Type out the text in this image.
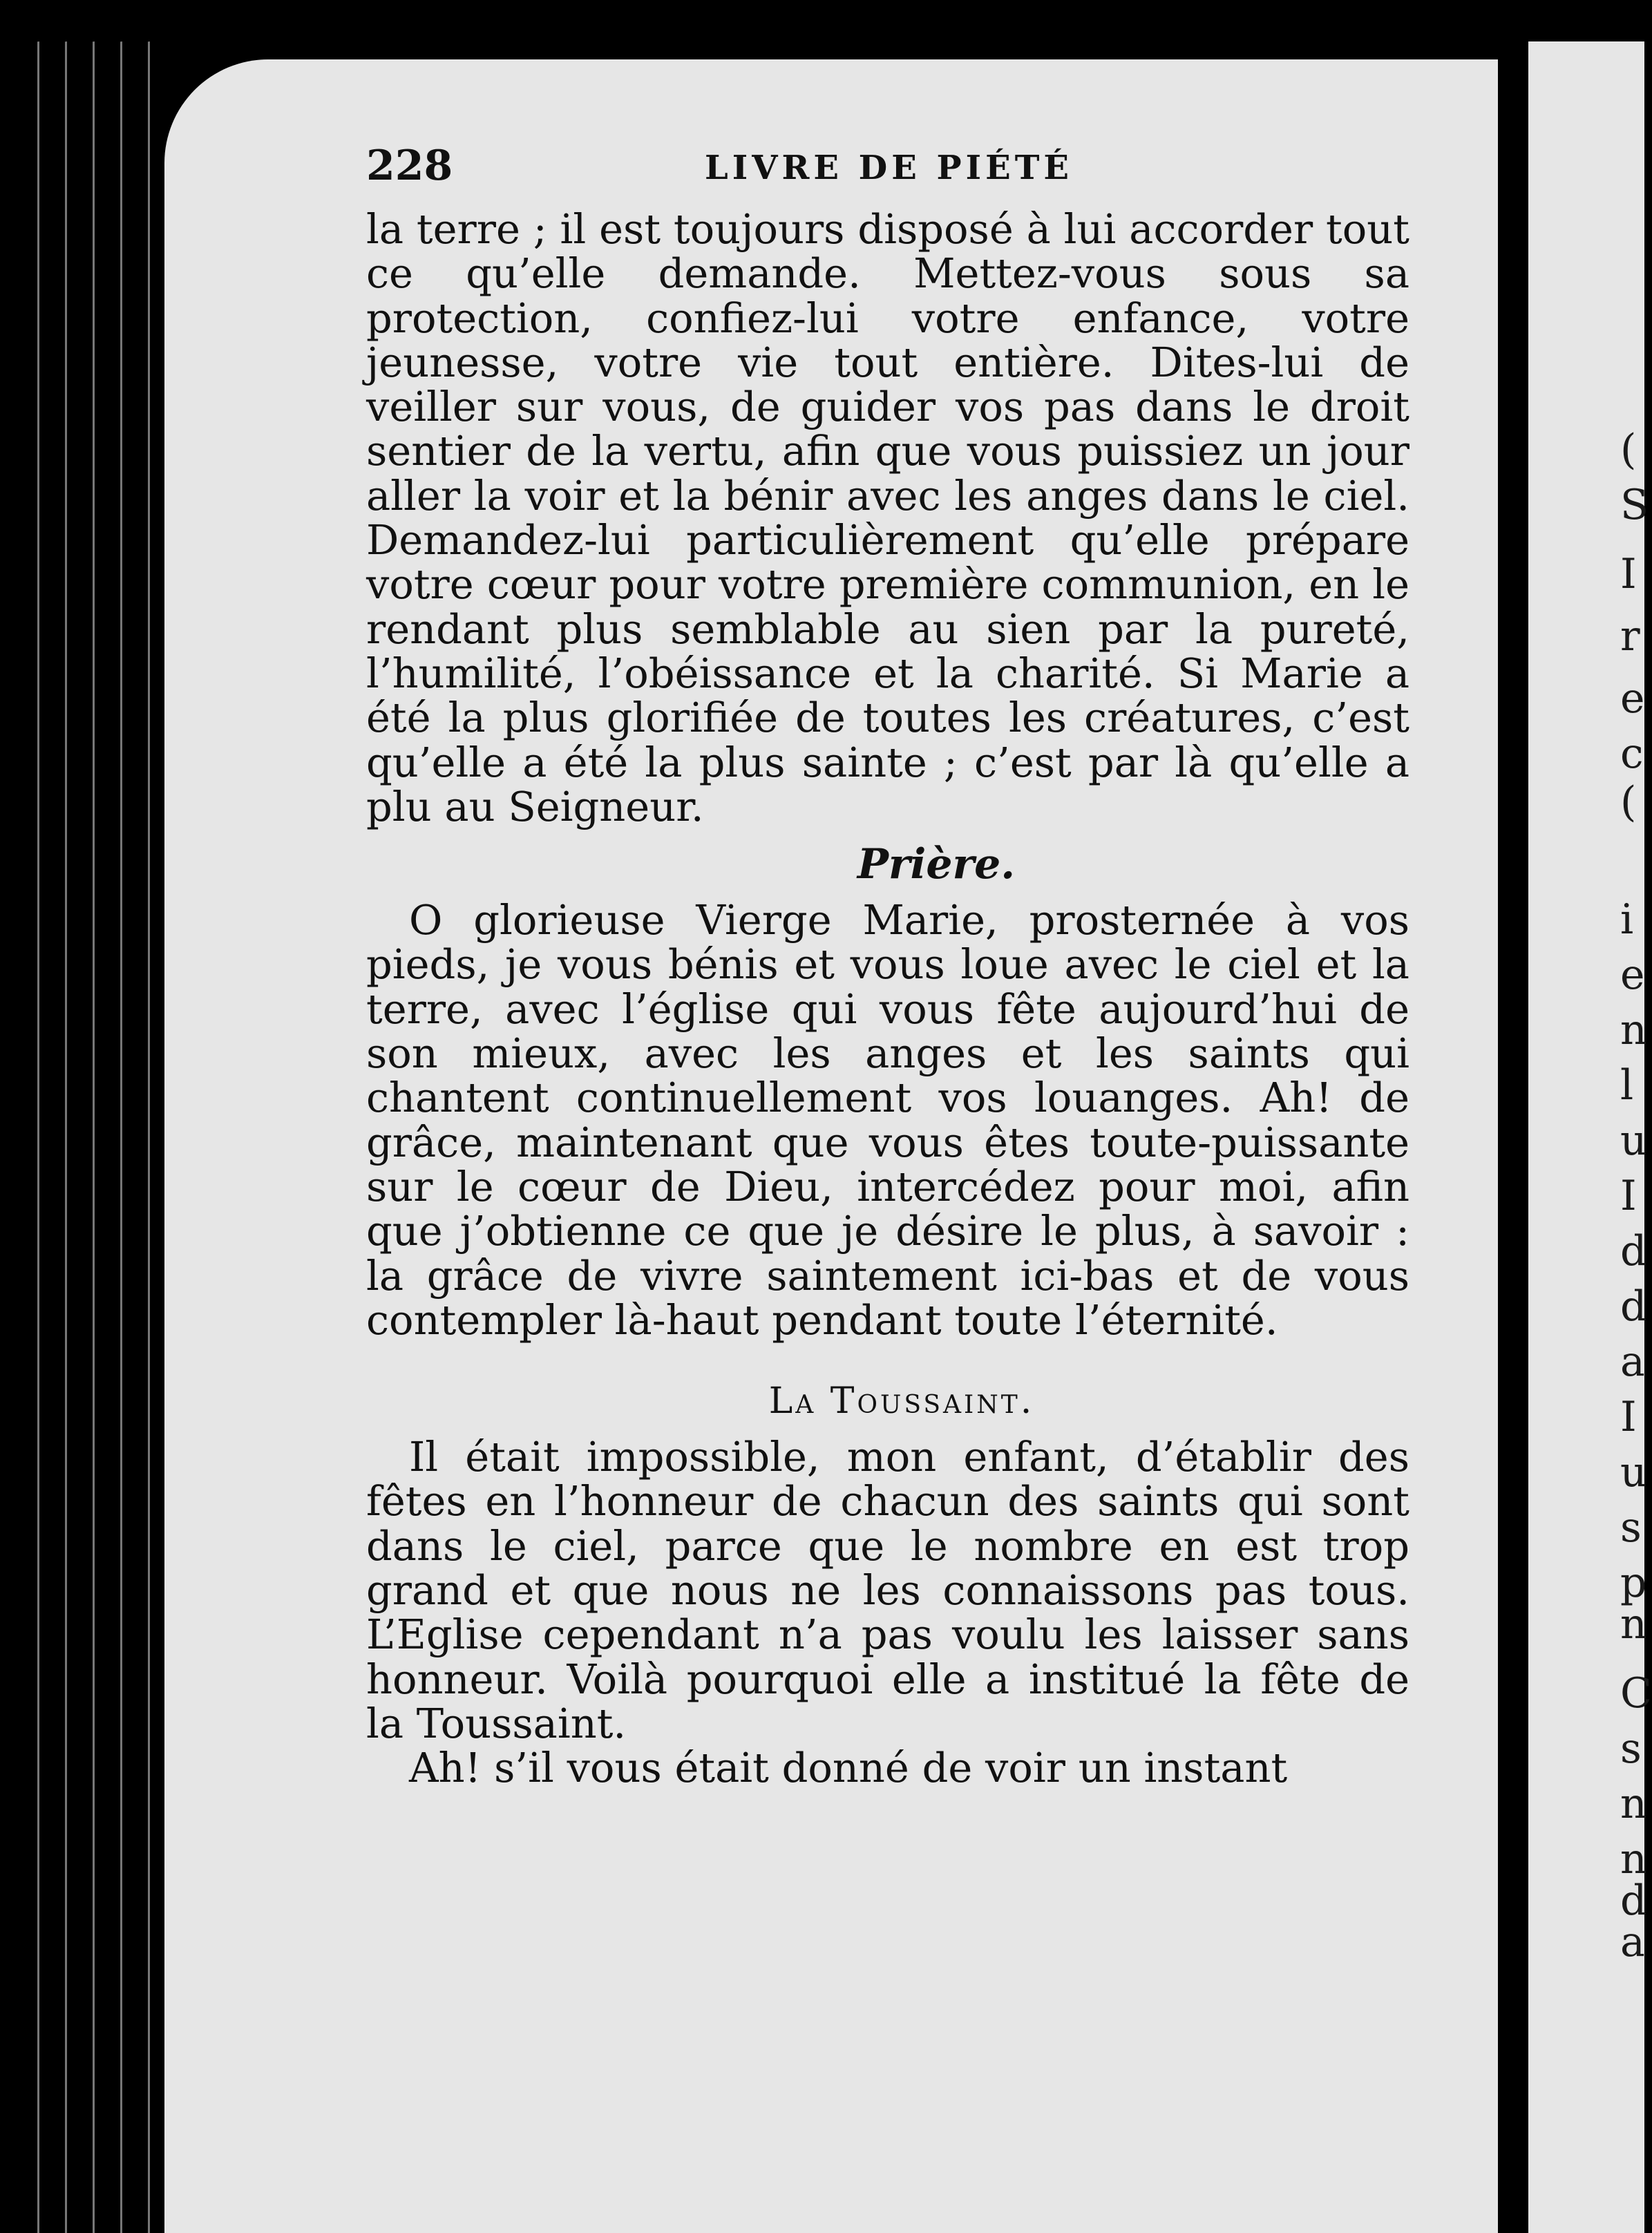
(
S
I
r
e
c
(
i
e
n
l
u
I
d
d
a
I
u
s
p
n
C
s
n
n
d
a
228	LIVRE DE PIÉTÉ

la terre ; il est toujours disposé à lui accorder tout ce qu’elle demande. Mettez-vous sous sa protection, confiez-lui votre enfance, votre jeunesse, votre vie tout entière. Dites-lui de veiller sur vous, de guider vos pas dans le droit sentier de la vertu, afin que vous puissiez un jour aller la voir et la bénir avec les anges dans le ciel. Demandez-lui particulièrement qu’elle prépare votre cœur pour votre première communion, en le rendant plus semblable au sien par la pureté, l’humilité, l’obéissance et la charité. Si Marie a été la plus glorifiée de toutes les créatures, c’est qu’elle a été la plus sainte ; c’est par là qu’elle a plu au Seigneur.

Prière.

O glorieuse Vierge Marie, prosternée à vos pieds, je vous bénis et vous loue avec le ciel et la terre, avec l’église qui vous fête aujourd’hui de son mieux, avec les anges et les saints qui chantent continuellement vos louanges. Ah! de grâce, maintenant que vous êtes toute-puissante sur le cœur de Dieu, intercédez pour moi, afin que j’obtienne ce que je désire le plus, à savoir : la grâce de vivre saintement ici-bas et de vous contempler là-haut pendant toute l’éternité.

La Toussaint.

Il était impossible, mon enfant, d’établir des fêtes en l’honneur de chacun des saints qui sont dans le ciel, parce que le nombre en est trop grand et que nous ne les connaissons pas tous. L’Eglise cependant n’a pas voulu les laisser sans honneur. Voilà pourquoi elle a institué la fête de la Toussaint.

Ah! s’il vous était donné de voir un instant
